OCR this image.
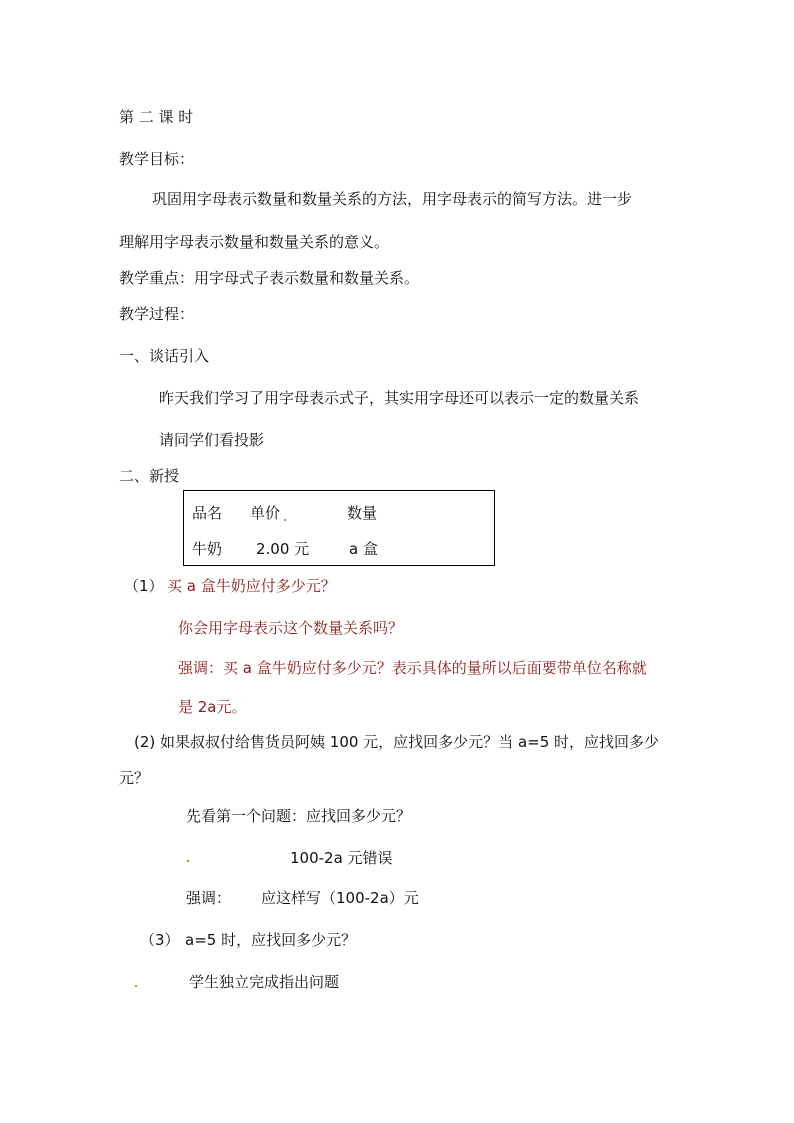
第 二 课 时
教学目标：
巩固用字母表示数量和数量关系的方法，用字母表示的简写方法。进一步
理解用字母表示数量和数量关系的意义。
教学重点：用字母式子表示数量和数量关系。
教学过程：
一、谈话引入
昨天我们学习了用字母表示式子，其实用字母还可以表示一定的数量关系
请同学们看投影
二、新授
品名 单价	数量
牛奶 2.00 元	a 盒
（1） 买 a 盒牛奶应付多少元？
你会用字母表示这个数量关系吗？
强调：买 a 盒牛奶应付多少元？表示具体的量所以后面要带单位名称就
是 2a元。
(2) 如果叔叔付给售货员阿姨 100 元，应找回多少元？当 a=5 时，应找回多少
元？
先看第一个问题：应找回多少元？
100-2a 元错误
强调： 应这样写（100-2a）元
（3） a=5 时，应找回多少元？
学生独立完成指出问题
